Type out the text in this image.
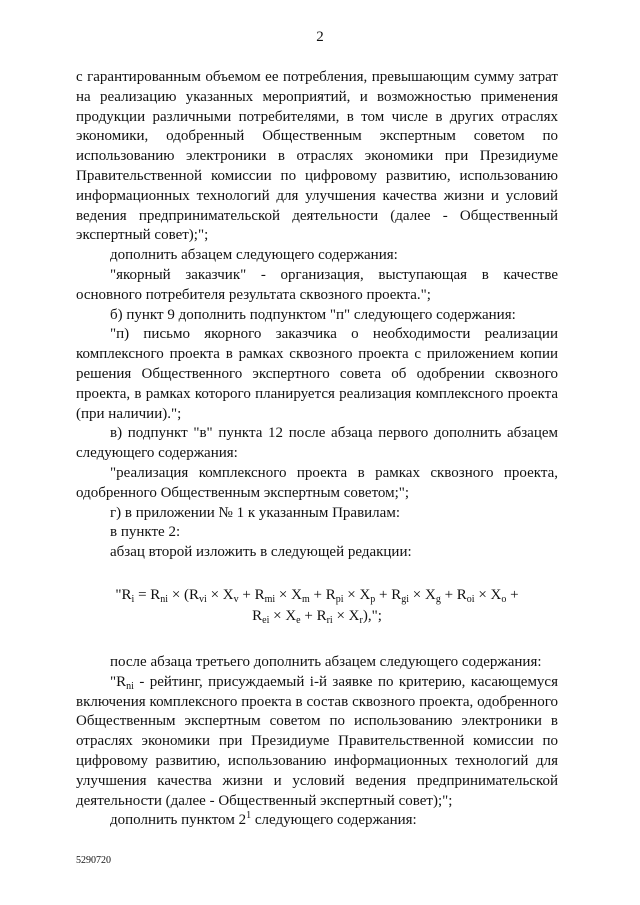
2

с гарантированным объемом ее потребления, превышающим сумму затрат на реализацию указанных мероприятий, и возможностью применения продукции различными потребителями, в том числе в других отраслях экономики, одобренный Общественным экспертным советом по использованию электроники в отраслях экономики при Президиуме Правительственной комиссии по цифровому развитию, использованию информационных технологий для улучшения качества жизни и условий ведения предпринимательской деятельности (далее - Общественный экспертный совет);";

дополнить абзацем следующего содержания:

"якорный заказчик" - организация, выступающая в качестве основного потребителя результата сквозного проекта.";

б) пункт 9 дополнить подпунктом "п" следующего содержания:

"п) письмо якорного заказчика о необходимости реализации комплексного проекта в рамках сквозного проекта с приложением копии решения Общественного экспертного совета об одобрении сквозного проекта, в рамках которого планируется реализация комплексного проекта (при наличии).";

в) подпункт "в" пункта 12 после абзаца первого дополнить абзацем следующего содержания:

"реализация комплексного проекта в рамках сквозного проекта, одобренного Общественным экспертным советом;";

г) в приложении № 1 к указанным Правилам:

в пункте 2:

абзац второй изложить в следующей редакции:

"$R_i = R_{ni} \times (R_{vi} \times X_v + R_{mi} \times X_m + R_{pi} \times X_p + R_{gi} \times X_g + R_{oi} \times X_o$ +
$R_{ei} \times X_e + R_{ri} \times X_r$),";

после абзаца третьего дополнить абзацем следующего содержания:

"$R_{ni}$ - рейтинг, присуждаемый i-й заявке по критерию, касающемуся включения комплексного проекта в состав сквозного проекта, одобренного Общественным экспертным советом по использованию электроники в отраслях экономики при Президиуме Правительственной комиссии по цифровому развитию, использованию информационных технологий для улучшения качества жизни и условий ведения предпринимательской деятельности (далее - Общественный экспертный совет);";

дополнить пунктом $2^1$ следующего содержания:

5290720
